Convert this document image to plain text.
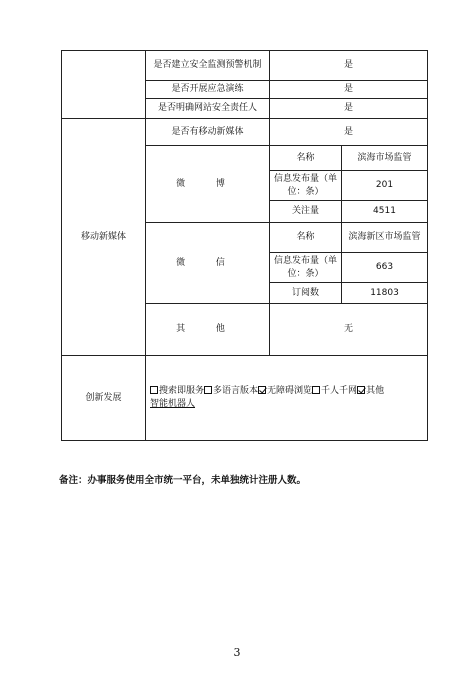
	是否建立安全监测预警机制	是	
	是否开展应急演练	是	
	是否明确网站安全责任人	是	
移动新媒体	是否有移动新媒体	是	
	微 博	名称	滨海市场监管
		信息发布量（单位：条）	201
		关注量	4511
	微 信	名称	滨海新区市场监管
		信息发布量（单位：条）	663
		订阅数	11803
	其 他	无	
创新发展	搜索即服务 多语言版本 无障碍浏览 千人千网 其他
智能机器人		
备注：办事服务使用全市统一平台，未单独统计注册人数。
3
